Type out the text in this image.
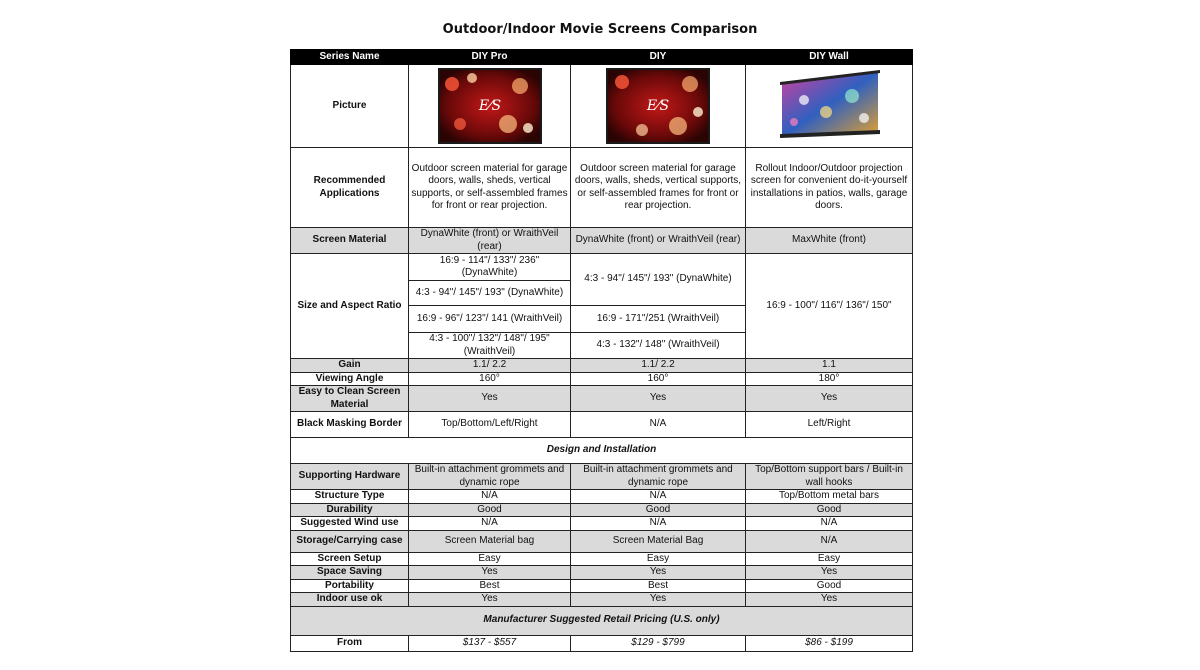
Outdoor/Indoor Movie Screens Comparison
Series Name	DIY Pro	DIY	DIY Wall
Picture	E⁄S	E⁄S

Recommended Applications	Outdoor screen material for garage doors, walls, sheds, vertical supports, or self-assembled frames for front or rear projection.	Outdoor screen material for garage doors, walls, sheds, vertical supports, or self-assembled frames for front or rear projection.	Rollout Indoor/Outdoor projection screen for convenient do-it-yourself installations in patios, walls, garage doors.
Screen Material	DynaWhite (front) or WraithVeil (rear)	DynaWhite (front) or WraithVeil (rear)	MaxWhite (front)
Size and Aspect Ratio	16:9 - 114"/ 133"/ 236" (DynaWhite)	4:3 - 94"/ 145"/ 193" (DynaWhite)	16:9 - 100"/ 116"/ 136"/ 150"
	4:3 - 94"/ 145"/ 193" (DynaWhite)		
	16:9 - 96"/ 123"/ 141 (WraithVeil)	16:9 - 171"/251 (WraithVeil)	
	4:3 - 100"/ 132"/ 148"/ 195" (WraithVeil)	4:3 - 132"/ 148" (WraithVeil)	
Gain	1.1/ 2.2	1.1/ 2.2	1.1
Viewing Angle	160°	160°	180°
Easy to Clean Screen Material	Yes	Yes	Yes
Black Masking Border	Top/Bottom/Left/Right	N/A	Left/Right
Design and Installation			
Supporting Hardware	Built-in attachment grommets and dynamic rope	Built-in attachment grommets and dynamic rope	Top/Bottom support bars / Built-in wall hooks
Structure Type	N/A	N/A	Top/Bottom metal bars
Durability	Good	Good	Good
Suggested Wind use	N/A	N/A	N/A
Storage/Carrying case	Screen Material bag	Screen Material Bag	N/A
Screen Setup	Easy	Easy	Easy
Space Saving	Yes	Yes	Yes
Portability	Best	Best	Good
Indoor use ok	Yes	Yes	Yes
Manufacturer Suggested Retail Pricing (U.S. only)			
From	$137 - $557	$129 - $799	$86 - $199
